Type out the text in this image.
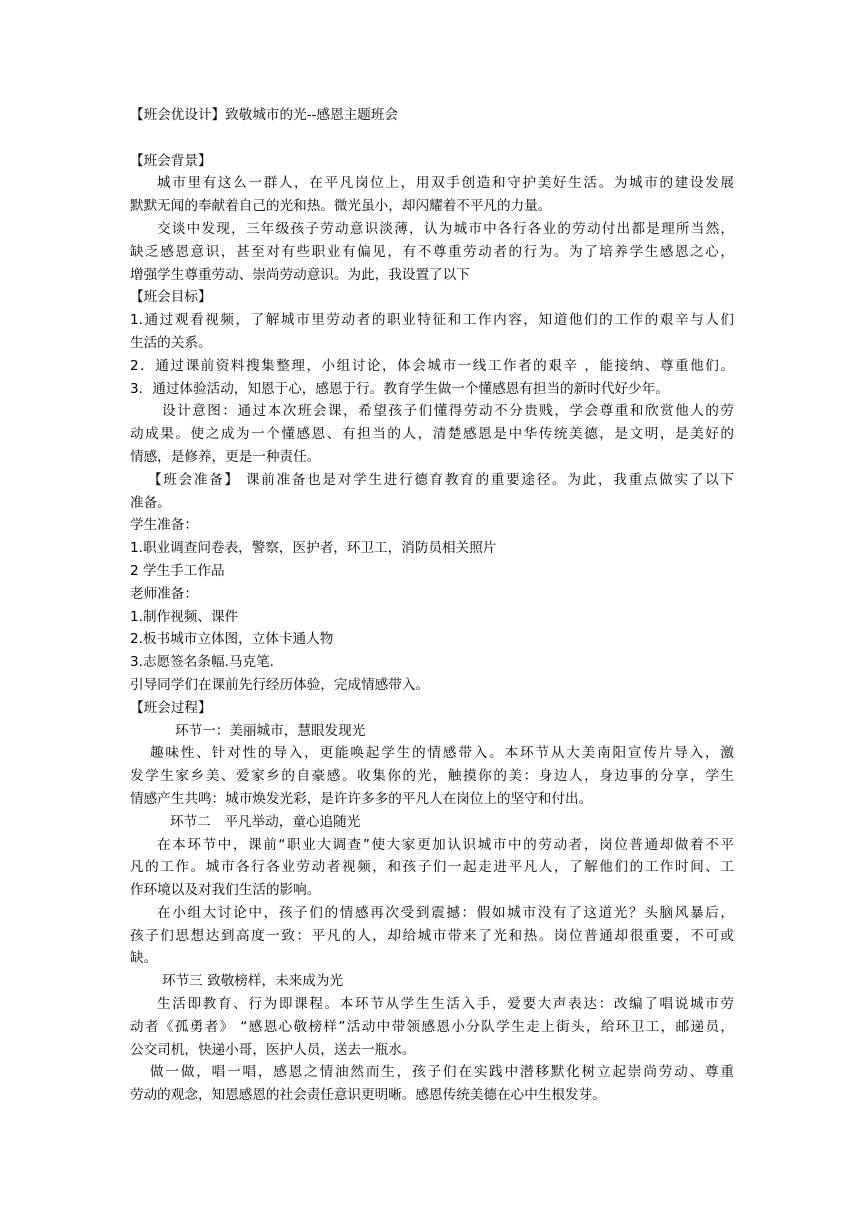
【班会优设计】致敬城市的光--感恩主题班会
【班会背景】
城市里有这么一群人，在平凡岗位上，用双手创造和守护美好生活。为城市的建设发展
默默无闻的奉献着自己的光和热。微光虽小，却闪耀着不平凡的力量。
交谈中发现，三年级孩子劳动意识淡薄，认为城市中各行各业的劳动付出都是理所当然，
缺乏感恩意识，甚至对有些职业有偏见，有不尊重劳动者的行为。为了培养学生感恩之心，
增强学生尊重劳动、崇尚劳动意识。为此，我设置了以下
【班会目标】
1.通过观看视频，了解城市里劳动者的职业特征和工作内容，知道他们的工作的艰辛与人们
生活的关系。
2．通过课前资料搜集整理，小组讨论，体会城市一线工作者的艰辛 ，能接纳、尊重他们。
3．通过体验活动，知恩于心，感恩于行。教育学生做一个懂感恩有担当的新时代好少年。
设计意图：通过本次班会课，希望孩子们懂得劳动不分贵贱，学会尊重和欣赏他人的劳
动成果。使之成为一个懂感恩、有担当的人，清楚感恩是中华传统美德，是文明，是美好的
情感，是修养，更是一种责任。
【班会准备】 课前准备也是对学生进行德育教育的重要途径。为此，我重点做实了以下
准备。
学生准备：
1.职业调查问卷表，警察，医护者，环卫工，消防员相关照片
2 学生手工作品
老师准备：
1.制作视频、课件
2.板书城市立体图，立体卡通人物
3.志愿签名条幅.马克笔.
引导同学们在课前先行经历体验，完成情感带入。
【班会过程】
环节一：美丽城市，慧眼发现光
趣味性、针对性的导入，更能唤起学生的情感带入。本环节从大美南阳宣传片导入，激
发学生家乡美、爱家乡的自豪感。收集你的光，触摸你的美：身边人，身边事的分享，学生
情感产生共鸣：城市焕发光彩，是许许多多的平凡人在岗位上的坚守和付出。
环节二　平凡举动，童心追随光
在本环节中，课前“职业大调查”使大家更加认识城市中的劳动者，岗位普通却做着不平
凡的工作。城市各行各业劳动者视频，和孩子们一起走进平凡人，了解他们的工作时间、工
作环境以及对我们生活的影响。
在小组大讨论中，孩子们的情感再次受到震撼：假如城市没有了这道光？头脑风暴后，
孩子们思想达到高度一致：平凡的人，却给城市带来了光和热。岗位普通却很重要，不可或
缺。
环节三 致敬榜样，未来成为光
生活即教育、行为即课程。本环节从学生生活入手，爱要大声表达：改编了唱说城市劳
动者《孤勇者》 “感恩心敬榜样”活动中带领感恩小分队学生走上街头，给环卫工，邮递员，
公交司机，快递小哥，医护人员，送去一瓶水。
做一做，唱一唱，感恩之情油然而生，孩子们在实践中潜移默化树立起崇尚劳动、尊重
劳动的观念，知恩感恩的社会责任意识更明晰。感恩传统美德在心中生根发芽。
